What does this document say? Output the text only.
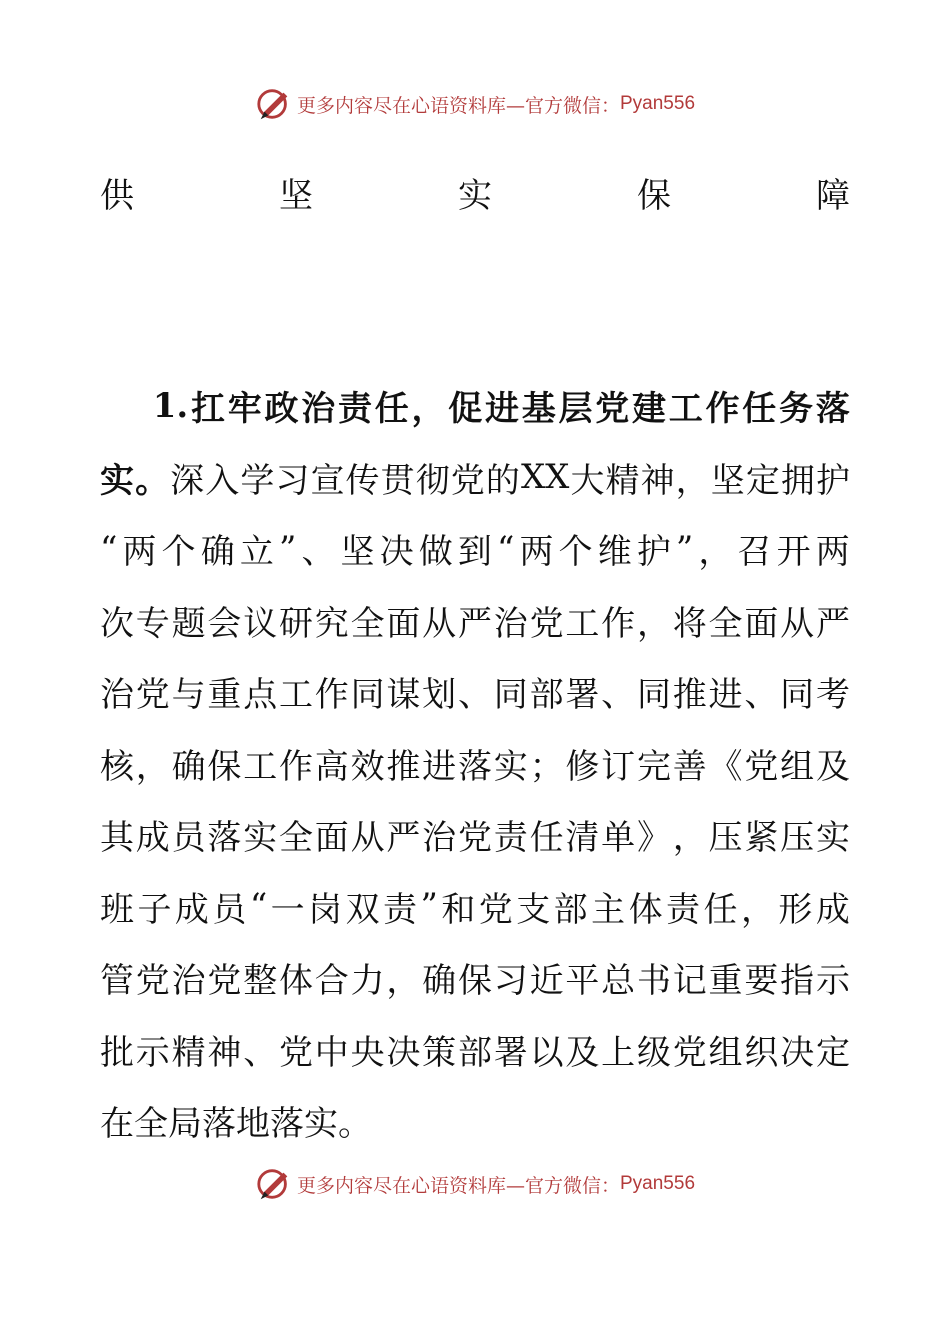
更多内容尽在心语资料库—官方微信： Pyan556
供	坚	实	保	障
1. 扛 牢 政 治 责 任 ， 促 进 基 层 党 建 工 作 任 务 落
实 。 深 入 学 习 宣 传 贯 彻 党 的 XX 大 精 神 ， 坚 定 拥 护
“ 两 个 确 立 ” 、 坚 决 做 到 “ 两 个 维 护 ” ， 召 开 两
次 专 题 会 议 研 究 全 面 从 严 治 党 工 作 ， 将 全 面 从 严
治 党 与 重 点 工 作 同 谋 划 、 同 部 署 、 同 推 进 、 同 考
核 ， 确 保 工 作 高 效 推 进 落 实 ； 修 订 完 善 《 党 组 及
其 成 员 落 实 全 面 从 严 治 党 责 任 清 单 》 ， 压 紧 压 实
班 子 成 员 “ 一 岗 双 责 ” 和 党 支 部 主 体 责 任 ， 形 成
管 党 治 党 整 体 合 力 ， 确 保 习 近 平 总 书 记 重 要 指 示
批 示 精 神 、 党 中 央 决 策 部 署 以 及 上 级 党 组 织 决 定
在 全 局 落 地 落 实 。
更多内容尽在心语资料库—官方微信： Pyan556
